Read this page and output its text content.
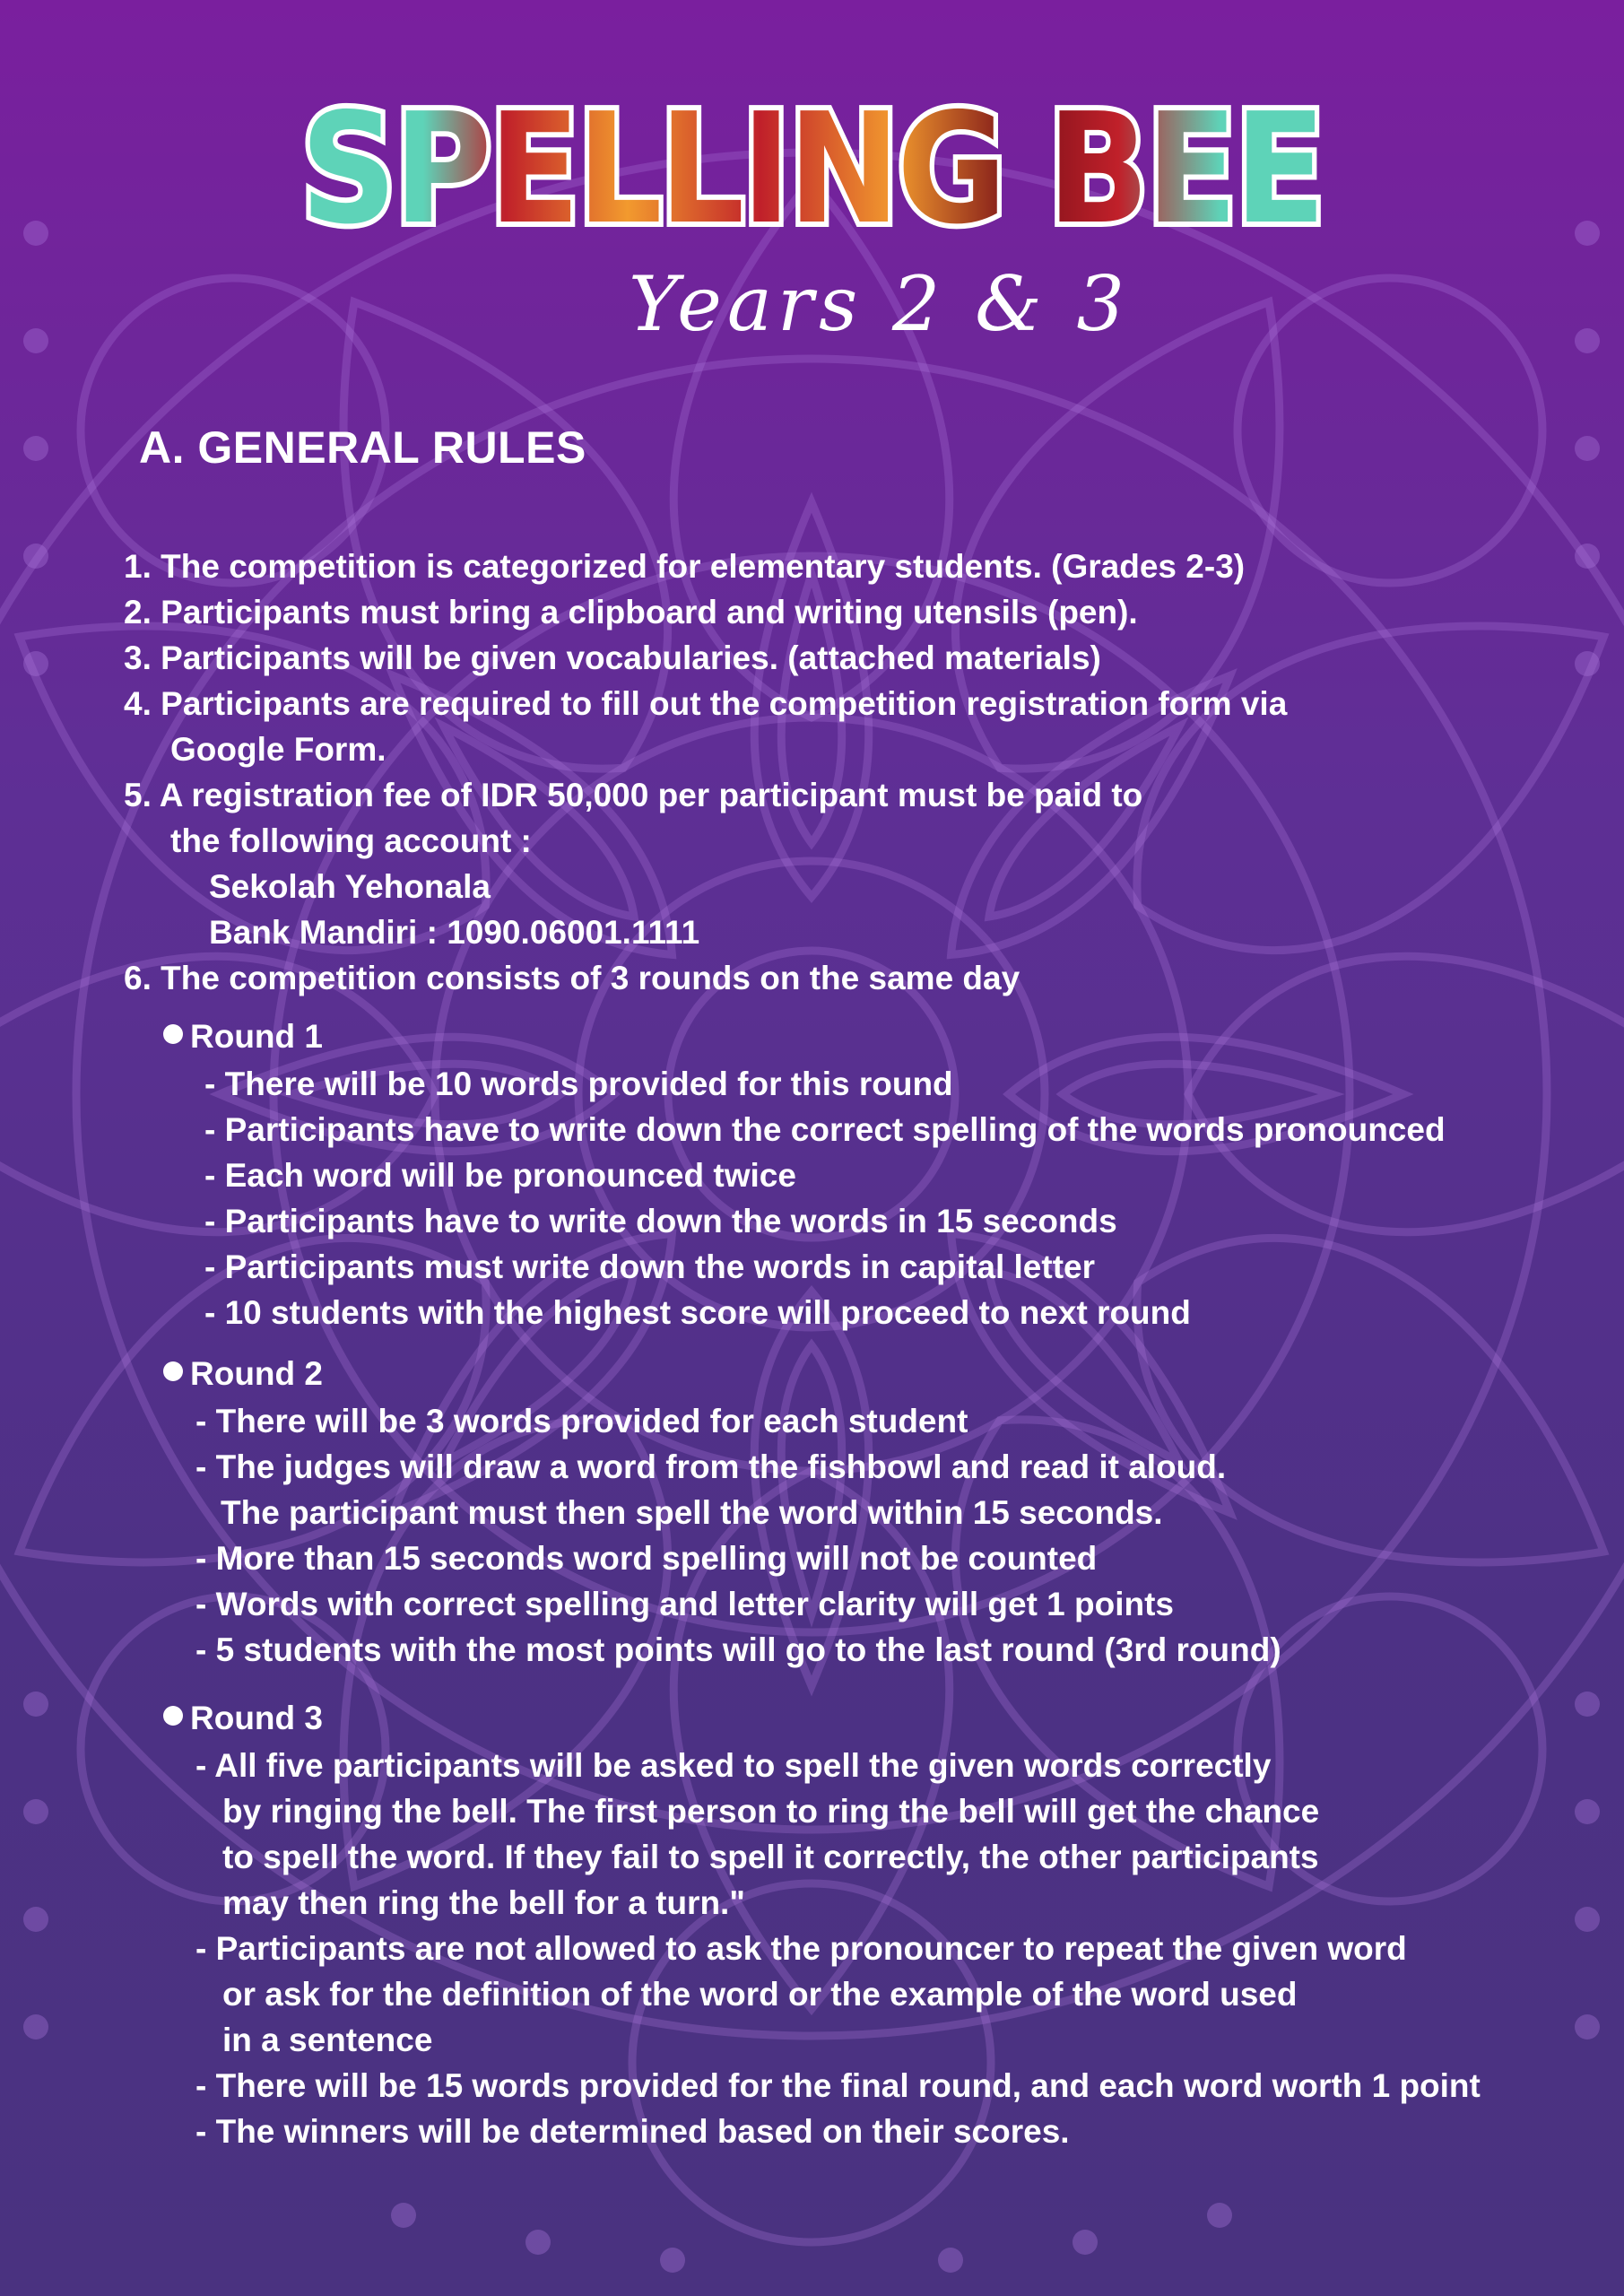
SPELLING BEE
Years 2 & 3
A. GENERAL RULES
1. The competition is categorized for elementary students. (Grades 2-3)
2. Participants must bring a clipboard and writing utensils (pen).
3. Participants will be given vocabularies. (attached materials)
4. Participants are required to fill out the competition registration form via
Google Form.
5. A registration fee of IDR 50,000 per participant must be paid to
the following account :
Sekolah Yehonala
Bank Mandiri : 1090.06001.1111
6. The competition consists of 3 rounds on the same day
Round 1
- There will be 10 words provided for this round
- Participants have to write down the correct spelling of the words pronounced
- Each word will be pronounced twice
- Participants have to write down the words in 15 seconds
- Participants must write down the words in capital letter
- 10 students with the highest score will proceed to next round
Round 2
- There will be 3 words provided for each student
- The judges will draw a word from the fishbowl and read it aloud.
The participant must then spell the word within 15 seconds.
- More than 15 seconds word spelling will not be counted
- Words with correct spelling and letter clarity will get 1 points
- 5 students with the most points will go to the last round (3rd round)
Round 3
- All five participants will be asked to spell the given words correctly
by ringing the bell. The first person to ring the bell will get the chance
to spell the word. If they fail to spell it correctly, the other participants
may then ring the bell for a turn."
- Participants are not allowed to ask the pronouncer to repeat the given word
or ask for the definition of the word or the example of the word used
in a sentence
- There will be 15 words provided for the final round, and each word worth 1 point
- The winners will be determined based on their scores.
